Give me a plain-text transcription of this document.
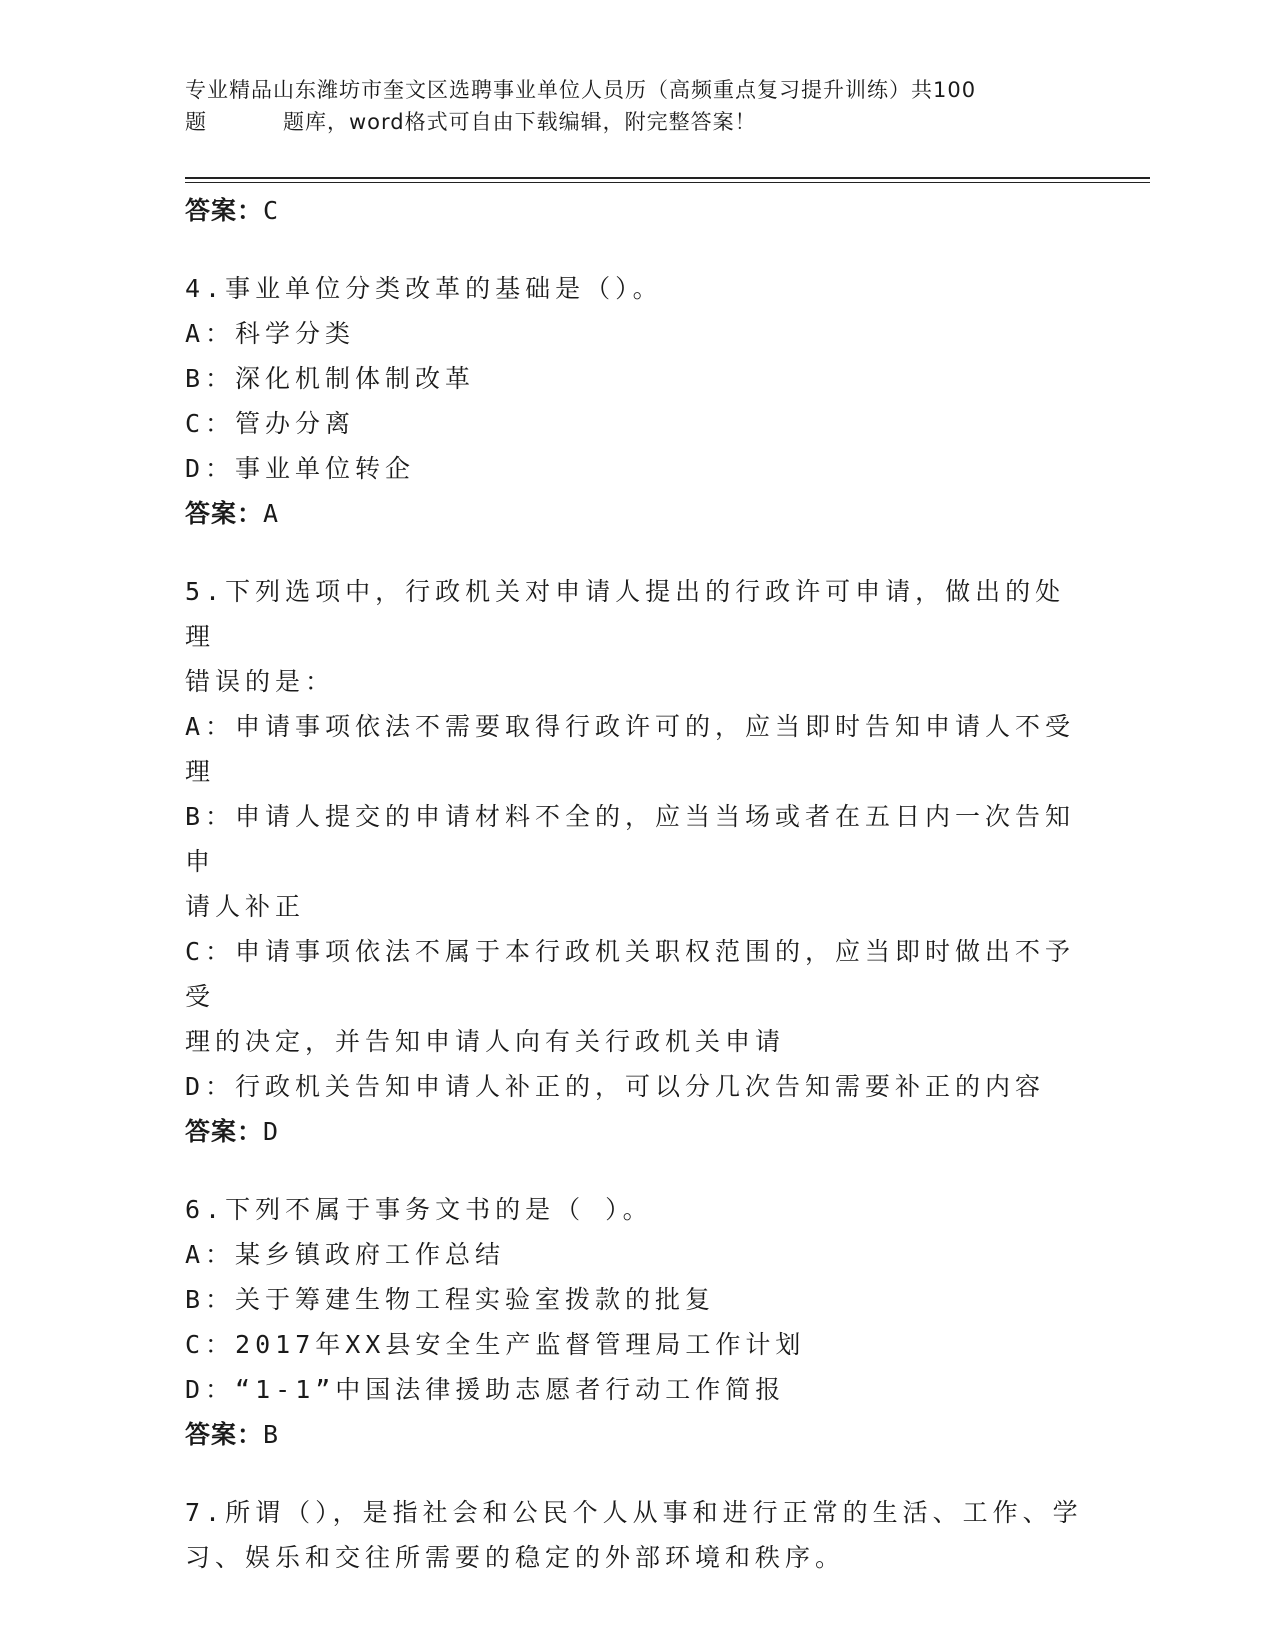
专业精品山东潍坊市奎文区选聘事业单位人员历（高频重点复习提升训练）共100
题	题库，word格式可自由下载编辑，附完整答案！
答案：C
4.事业单位分类改革的基础是（）。
A：科学分类
B：深化机制体制改革
C：管办分离
D：事业单位转企
答案：A
5.下列选项中，行政机关对申请人提出的行政许可申请，做出的处理
错误的是：
A：申请事项依法不需要取得行政许可的，应当即时告知申请人不受理
B：申请人提交的申请材料不全的，应当当场或者在五日内一次告知申
请人补正
C：申请事项依法不属于本行政机关职权范围的，应当即时做出不予受
理的决定，并告知申请人向有关行政机关申请
D：行政机关告知申请人补正的，可以分几次告知需要补正的内容
答案：D
6.下列不属于事务文书的是（ ）。
A：某乡镇政府工作总结
B：关于筹建生物工程实验室拨款的批复
C：2017年XX县安全生产监督管理局工作计划
D：“1-1”中国法律援助志愿者行动工作简报
答案：B
7.所谓（），是指社会和公民个人从事和进行正常的生活、工作、学
习、娱乐和交往所需要的稳定的外部环境和秩序。
